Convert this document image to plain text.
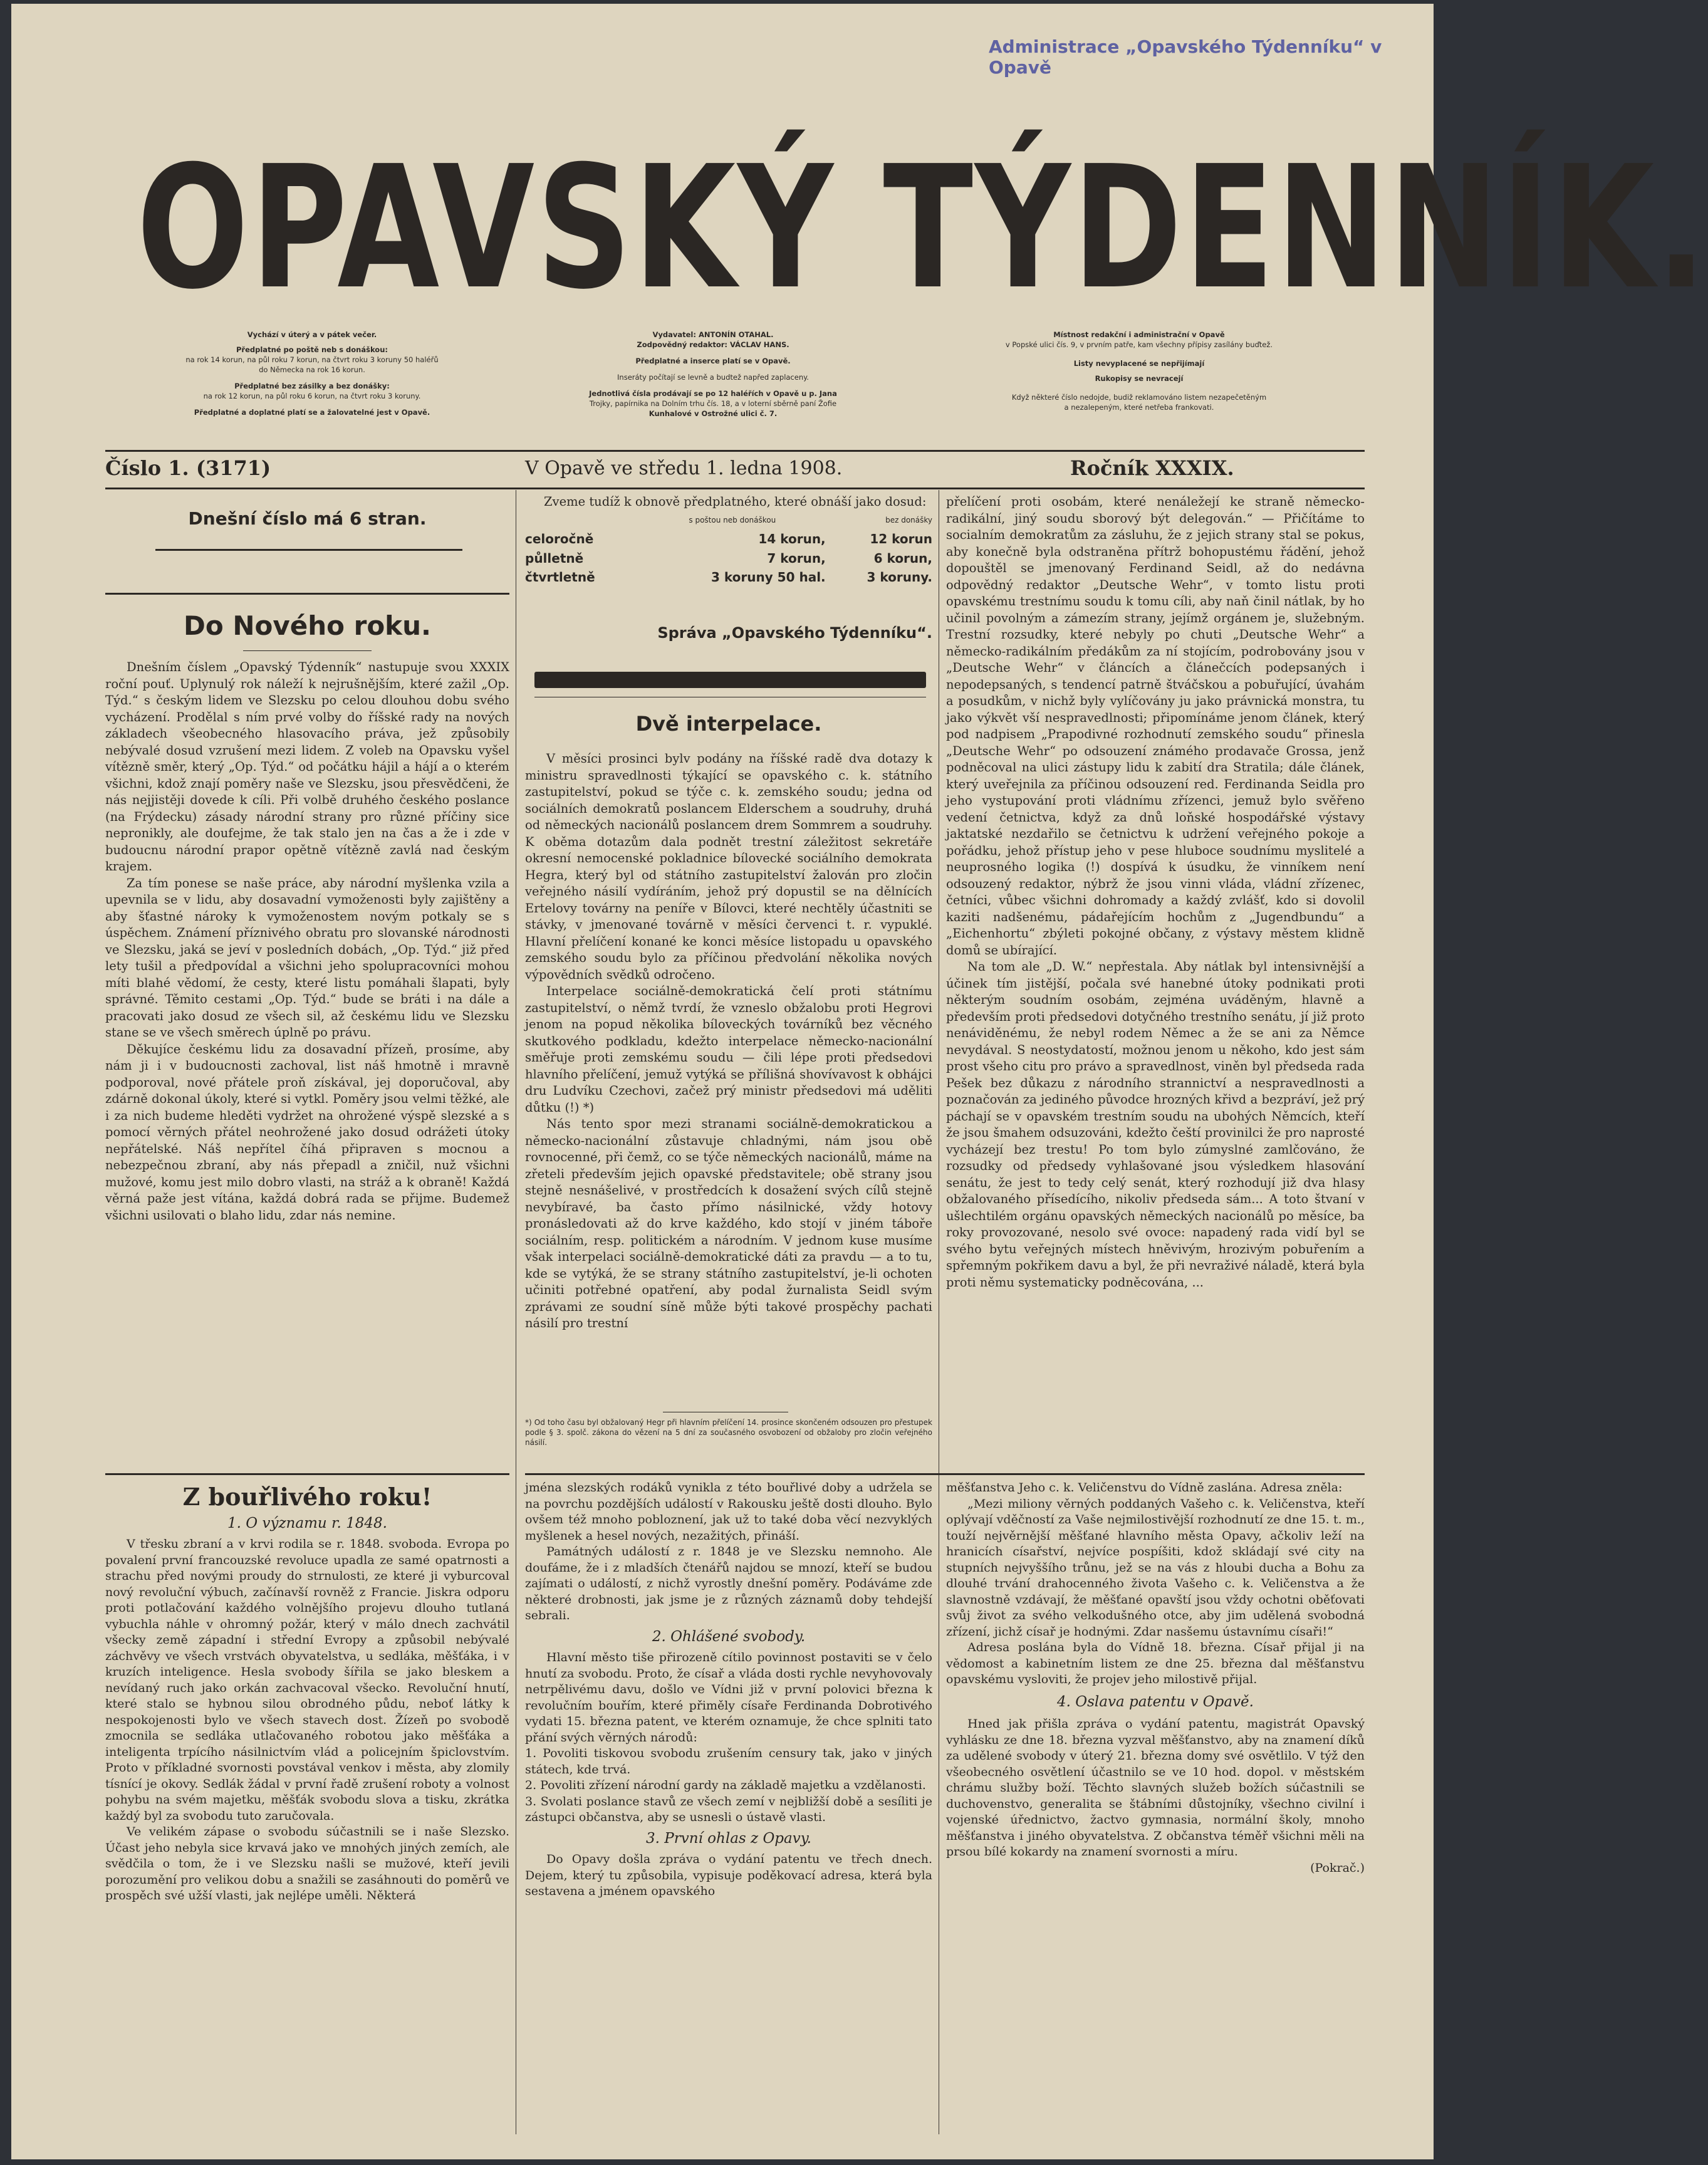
Administrace „Opavského Týdenníku“ v Opavě
OPAVSKÝ TÝDENNÍK.
Vychází v úterý a v pátek večer.
Předplatné po poště neb s donáškou:
na rok 14 korun, na půl roku 7 korun, na čtvrt roku 3 koruny 50 haléřů
do Německa na rok 16 korun.
Předplatné bez zásilky a bez donášky:
na rok 12 korun, na půl roku 6 korun, na čtvrt roku 3 koruny.
Předplatné a doplatné platí se a žalovatelné jest v Opavě.
Vydavatel: ANTONÍN OTAHAL.
Zodpovědný redaktor: VÁCLAV HANS.
Předplatné a inserce platí se v Opavě.
Inseráty počítají se levně a budtež napřed zaplaceny.
Jednotlivá čísla prodávají se po 12 haléřích v Opavě u p. Jana
Trojky, papírnika na Dolním trhu čís. 18, a v loterní sběrně paní Žofie
Kunhalové v Ostrožné ulici č. 7.
Místnost redakční i administrační v Opavě
v Popské ulici čís. 9, v prvním patře, kam všechny přípisy zasílány buďtež.
Listy nevyplacené se nepřijímají
Rukopisy se nevracejí
Když některé číslo nedojde, budiž reklamováno listem nezapečetěným
a nezalepeným, které netřeba frankovati.
Číslo 1. (3171)	V Opavě ve středu 1. ledna 1908.	Ročník XXXIX.
Dnešní číslo má 6 stran.
Do Nového roku.

Dnešním číslem „Opavský Týdenník“ nastupuje svou XXXIX roční pouť. Uplynulý rok náleží k nejrušnějším, které zažil „Op. Týd.“ s českým lidem ve Slezsku po celou dlouhou dobu svého vycházení. Prodělal s ním prvé volby do říšské rady na nových základech všeobecného hlasovacího práva, jež způsobily nebývalé dosud vzrušení mezi lidem. Z voleb na Opavsku vyšel vítězně směr, který „Op. Týd.“ od počátku hájil a hájí a o kterém všichni, kdož znají poměry naše ve Slezsku, jsou přesvědčeni, že nás nejjistěji dovede k cíli. Při volbě druhého českého poslance (na Frýdecku) zásady národní strany pro různé příčiny sice nepronikly, ale doufejme, že tak stalo jen na čas a že i zde v budoucnu národní prapor opětně vítězně zavlá nad českým krajem.

Za tím ponese se naše práce, aby národní myšlenka vzila a upevnila se v lidu, aby dosavadní vymoženosti byly zajištěny a aby šťastné nároky k vymoženostem novým potkaly se s úspěchem. Známení příznivého obratu pro slovanské národnosti ve Slezsku, jaká se jeví v posledních dobách, „Op. Týd.“ již před lety tušil a předpovídal a všichni jeho spolupracovníci mohou míti blahé vědomí, že cesty, které listu pomáhali šlapati, byly správné. Těmito cestami „Op. Týd.“ bude se bráti i na dále a pracovati jako dosud ze všech sil, až českému lidu ve Slezsku stane se ve všech směrech úplně po právu.

Děkujíce českému lidu za dosavadní přízeň, prosíme, aby nám ji i v budoucnosti zachoval, list náš hmotně i mravně podporoval, nové přátele proň získával, jej doporučoval, aby zdárně dokonal úkoly, které si vytkl. Poměry jsou velmi těžké, ale i za nich budeme hleděti vydržet na ohrožené výspě slezské a s pomocí věrných přátel neohrožené jako dosud odrážeti útoky nepřátelské. Náš nepřítel číhá připraven s mocnou a nebezpečnou zbraní, aby nás přepadl a zničil, nuž všichni mužové, komu jest milo dobro vlasti, na stráž a k obraně! Každá věrná paže jest vítána, každá dobrá rada se přijme. Budemež všichni usilovati o blaho lidu, zdar nás nemine.

Zveme tudíž k obnově předplatného, které obnáší jako dosud:

	s poštou neb donáškou	bez donášky
celoročně	14 korun,	12 korun
půlletně	7 korun,	6 korun,
čtvrtletně	3 koruny 50 hal.	3 koruny.
Správa „Opavského Týdenníku“.
Dvě interpelace.

V měsíci prosinci bylv podány na říšské radě dva dotazy k ministru spravedlnosti týkající se opavského c. k. státního zastupitelství, pokud se týče c. k. zemského soudu; jedna od sociálních demokratů poslancem Elderschem a soudruhy, druhá od německých nacionálů poslancem drem Sommrem a soudruhy. K oběma dotazům dala podnět trestní záležitost sekretáře okresní nemocenské pokladnice bílovecké sociálního demokrata Hegra, který byl od státního zastupitelství žalován pro zločin veřejného násilí vydíráním, jehož prý dopustil se na dělnících Ertelovy továrny na peníře v Bílovci, které nechtěly účastniti se stávky, v jmenované továrně v měsíci červenci t. r. vypuklé. Hlavní přelíčení konané ke konci měsíce listopadu u opavského zemského soudu bylo za příčinou předvolání několika nových výpovědních svědků odročeno.

Interpelace sociálně-demokratická čelí proti státnímu zastupitelství, o němž tvrdí, že vzneslo obžalobu proti Hegrovi jenom na popud několika bíloveckých továrníků bez věcného skutkového podkladu, kdežto interpelace německo-nacionální směřuje proti zemskému soudu — čili lépe proti předsedovi hlavního přelíčení, jemuž vytýká se přílišná shovívavost k obhájci dru Ludvíku Czechovi, začež prý ministr předsedovi má uděliti důtku (!) *)

Nás tento spor mezi stranami sociálně-demokratickou a německo-nacionální zůstavuje chladnými, nám jsou obě rovnocenné, při čemž, co se týče německých nacionálů, máme na zřeteli především jejich opavské představitele; obě strany jsou stejně nesnášelivé, v prostředcích k dosažení svých cílů stejně nevybíravé, ba často přímo násilnické, vždy hotovy pronásledovati až do krve každého, kdo stojí v jiném táboře sociálním, resp. politickém a národním. V jednom kuse musíme však interpelaci sociálně-demokratické dáti za pravdu — a to tu, kde se vytýká, že se strany státního zastupitelství, je-li ochoten učiniti potřebné opatření, aby podal žurnalista Seidl svým zprávami ze soudní síně může býti takové prospěchy pachati násilí pro trestní

*) Od toho času byl obžalovaný Hegr při hlavním přelíčení 14. prosince skončeném odsouzen pro přestupek podle § 3. spolč. zákona do vězení na 5 dní za současného osvobození od obžaloby pro zločin veřejného násilí.

přelíčení proti osobám, které nenáležejí ke straně německo-radikální, jiný soudu sborový být delegován.“ — Přičítáme to socialním demokratům za zásluhu, že z jejich strany stal se pokus, aby konečně byla odstraněna přítrž bohopustému řádění, jehož dopouštěl se jmenovaný Ferdinand Seidl, až do nedávna odpovědný redaktor „Deutsche Wehr“, v tomto listu proti opavskému trestnímu soudu k tomu cíli, aby naň činil nátlak, by ho učinil povolným a zámezím strany, jejímž orgánem je, služebným. Trestní rozsudky, které nebyly po chuti „Deutsche Wehr“ a německo-radikálním předákům za ní stojícím, podrobovány jsou v „Deutsche Wehr“ v článcích a článečcích podepsaných i nepodepsaných, s tendencí patrně štváčskou a pobuřující, úvahám a posudkům, v nichž byly vylíčovány ju jako právnická monstra, tu jako výkvět vší nespravedlnosti; připomínáme jenom článek, který pod nadpisem „Prapodivné rozhodnutí zemského soudu“ přinesla „Deutsche Wehr“ po odsouzení známého prodavače Grossa, jenž podněcoval na ulici zástupy lidu k zabití dra Stratila; dále článek, který uveřejnila za příčinou odsouzení red. Ferdinanda Seidla pro jeho vystupování proti vládnímu zřízenci, jemuž bylo svěřeno vedení četnictva, když za dnů loňské hospodářské výstavy jaktatské nezdařilo se četnictvu k udržení veřejného pokoje a pořádku, jehož přístup jeho v pese hluboce soudnímu myslitelé a neuprosného logika (!) dospívá k úsudku, že vinníkem není odsouzený redaktor, nýbrž že jsou vinni vláda, vládní zřízenec, četníci, vůbec všichni dohromady a každý zvlášť, kdo si dovolil kaziti nadšenému, pádařejícím hochům z „Jugendbundu“ a „Eichenhortu“ zbýleti pokojné občany, z výstavy městem klidně domů se ubírající.

Na tom ale „D. W.“ nepřestala. Aby nátlak byl intensivnější a účinek tím jistější, počala své hanebné útoky podnikati proti některým soudním osobám, zejména uváděným, hlavně a především proti předsedovi dotyčného trestního senátu, jí již proto nenáviděnému, že nebyl rodem Němec a že se ani za Němce nevydával. S neostydatostí, možnou jenom u někoho, kdo jest sám prost všeho citu pro právo a spravedlnost, viněn byl předseda rada Pešek bez důkazu z národního strannictví a nespravedlnosti a poznačován za jediného původce hrozných křivd a bezpráví, jež prý páchají se v opavském trestním soudu na ubohých Němcích, kteří že jsou šmahem odsuzováni, kdežto čeští provinilci že pro naprosté vycházejí bez trestu! Po tom bylo zúmyslné zamlčováno, že rozsudky od předsedy vyhlašované jsou výsledkem hlasování senátu, že jest to tedy celý senát, který rozhodují již dva hlasy obžalovaného přísedícího, nikoliv předseda sám... A toto štvaní v ušlechtilém orgánu opavských německých nacionálů po měsíce, ba roky provozované, nesolo své ovoce: napadený rada vidí byl se svého bytu veřejných místech hněvivým, hrozivým pobuřením a spřemným pokřikem davu a byl, že při nevraživé náladě, která byla proti němu systematicky podněcována, ...

Z bouřlivého roku!
1. O významu r. 1848.

V třesku zbraní a v krvi rodila se r. 1848. svoboda. Evropa po povalení první francouzské revoluce upadla ze samé opatrnosti a strachu před novými proudy do strnulosti, ze které ji vyburcoval nový revoluční výbuch, začínavší rovněž z Francie. Jiskra odporu proti potlačování každého volnějšího projevu dlouho tutlaná vybuchla náhle v ohromný požár, který v málo dnech zachvátil všecky země západní i střední Evropy a způsobil nebývalé záchvěvy ve všech vrstvách obyvatelstva, u sedláka, měšťáka, i v kruzích inteligence. Hesla svobody šířila se jako bleskem a nevídaný ruch jako orkán zachvacoval všecko. Revoluční hnutí, které stalo se hybnou silou obrodného půdu, neboť látky k nespokojenosti bylo ve všech stavech dost. Žízeň po svobodě zmocnila se sedláka utlačovaného robotou jako měšťáka a inteligenta trpícího násilnictvím vlád a policejním špiclovstvím. Proto v příkladné svornosti povstával venkov i města, aby zlomily tísnící je okovy. Sedlák žádal v první řadě zrušení roboty a volnost pohybu na svém majetku, měšťák svobodu slova a tisku, zkrátka každý byl za svobodu tuto zaručovala.

Ve velikém zápase o svobodu súčastnili se i naše Slezsko. Účast jeho nebyla sice krvavá jako ve mnohých jiných zemích, ale svědčila o tom, že i ve Slezsku našli se mužové, kteří jevili porozumění pro velikou dobu a snažili se zasáhnouti do poměrů ve prospěch své užší vlasti, jak nejlépe uměli. Některá

jména slezských rodáků vynikla z této bouřlivé doby a udržela se na povrchu pozdějších událostí v Rakousku ještě dosti dlouho. Bylo ovšem též mnoho pobloznení, jak už to také doba věcí nezvyklých myšlenek a hesel nových, nezažitých, přináší.

Památných událostí z r. 1848 je ve Slezsku nemnoho. Ale doufáme, že i z mladších čtenářů najdou se mnozí, kteří se budou zajímati o událostí, z nichž vyrostly dnešní poměry. Podáváme zde některé drobnosti, jak jsme je z různých záznamů doby tehdejší sebrali.

2. Ohlášené svobody.

Hlavní město tiše přirozeně cítilo povinnost postaviti se v čelo hnutí za svobodu. Proto, že císař a vláda dosti rychle nevyhovovaly netrpělivému davu, došlo ve Vídni již v první polovici března k revolučním bouřím, které přiměly císaře Ferdinanda Dobrotivého vydati 15. března patent, ve kterém oznamuje, že chce splniti tato přání svých věrných národů:

1. Povoliti tiskovou svobodu zrušením censury tak, jako v jiných státech, kde trvá.

2. Povoliti zřízení národní gardy na základě majetku a vzdělanosti.

3. Svolati poslance stavů ze všech zemí v nejbližší době a sesíliti je zástupci občanstva, aby se usnesli o ústavě vlasti.

3. První ohlas z Opavy.

Do Opavy došla zpráva o vydání patentu ve třech dnech. Dejem, který tu způsobila, vypisuje poděkovací adresa, která byla sestavena a jménem opavského

měšťanstva Jeho c. k. Veličenstvu do Vídně zaslána. Adresa zněla:

„Mezi miliony věrných poddaných Vašeho c. k. Veličenstva, kteří oplývají vděčností za Vaše nejmilostivější rozhodnutí ze dne 15. t. m., touží nejvěrnější měšťané hlavního města Opavy, ačkoliv leží na hranicích císařství, nejvíce pospíšiti, kdož skládají své city na stupních nejvyššího trůnu, jež se na vás z hloubi ducha a Bohu za dlouhé trvání drahocenného života Vašeho c. k. Veličenstva a že slavnostně vzdávají, že měšťané opavští jsou vždy ochotni oběťovati svůj život za svého velkodušného otce, aby jim udělená svobodná zřízení, jichž císař je hodnými. Zdar nasšemu ústavnímu císaři!“

Adresa poslána byla do Vídně 18. března. Císař přijal ji na vědomost a kabinetním listem ze dne 25. března dal měšťanstvu opavskému vysloviti, že projev jeho milostivě přijal.

4. Oslava patentu v Opavě.

Hned jak přišla zpráva o vydání patentu, magistrát Opavský vyhlásku ze dne 18. března vyzval měšťanstvo, aby na znamení díků za udělené svobody v úterý 21. března domy své osvětlilo. V týž den všeobecného osvětlení účastnilo se ve 10 hod. dopol. v městském chrámu služby boží. Těchto slavných služeb božích súčastnili se duchovenstvo, generalita se štábními důstojníky, všechno civilní i vojenské úřednictvo, žactvo gymnasia, normální školy, mnoho měšťanstva i jiného obyvatelstva. Z občanstva téměř všichni měli na prsou bílé kokardy na znamení svornosti a míru.

(Pokrač.)
